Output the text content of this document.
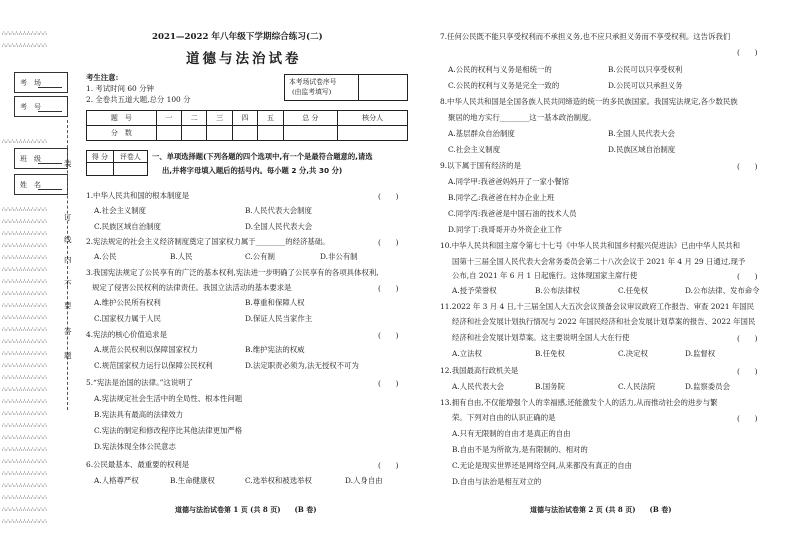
∴∴∴∴∴∴∴∴∴∴∴
∴∴∴∴∴∴∴∴∴∴∴
∴∴∴∴∴∴∴∴∴∴∴
∴∴∴∴∴∴∴∴∴∴∴
∴∴∴∴∴∴∴∴∴∴∴
∴∴∴∴∴∴∴∴∴∴∴
∴∴∴∴∴∴∴∴∴∴∴
∴∴∴∴∴∴∴∴∴∴∴
∴∴∴∴∴∴∴∴∴∴∴
∴∴∴∴∴∴∴∴∴∴∴
∴∴∴∴∴∴∴∴∴∴∴
∴∴∴∴∴∴∴∴∴∴∴
∴∴∴∴∴∴∴∴∴∴∴
∴∴∴∴∴∴∴∴∴∴∴
∴∴∴∴∴∴∴∴∴∴∴
∴∴∴∴∴∴∴∴∴∴∴
∴∴∴∴∴∴∴∴∴∴∴
∴∴∴∴∴∴∴∴∴∴∴
∴∴∴∴∴∴∴∴∴∴∴
∴∴∴∴∴∴∴∴∴∴∴
∴∴∴∴∴∴∴∴∴∴∴
∴∴∴∴∴∴∴∴∴∴∴
∴∴∴∴∴∴∴∴∴∴∴
∴∴∴∴∴∴∴∴∴∴∴
∴∴∴∴∴∴∴∴∴∴∴
∴∴∴∴∴∴∴∴∴∴∴
∴∴∴∴∴∴∴∴∴∴∴
∴∴∴∴∴∴∴∴∴∴∴
∴∴∴∴∴∴∴∴∴∴∴
∴∴∴∴∴∴∴∴∴∴∴
考　场
考　号
班　级
姓　名
装
订
线
内
不
要
答
题
2021—2022 年八年级下学期综合练习(二)
道德与法治试卷
考生注意:
1. 考试时间 60 分钟
2. 全卷共五道大题,总分 100 分
本考场试卷序号
(由监考填写)
题　号	一	二	三	四	五	总 分	核分人
分　数							
得 分	评卷人
	一、单项选择题(下列各题的四个选项中,有一个是最符合题意的,请选
出,并将字母填入题后的括号内。每小题 2 分,共 30 分)
1.中华人民共和国的根本制度是	(　　)
A.社会主义制度	B.人民代表大会制度
C.民族区域自治制度	D.全国人民代表大会
2.宪法规定的社会主义经济制度奠定了国家权力属于________的经济基础。	(　　)
A.公民	B.人民	C.公有制	D.非公有制
3.我国宪法规定了公民享有的广泛的基本权利,宪法进一步明确了公民享有的各项具体权利,
规定了侵害公民权利的法律责任。我国立法活动的基本要求是	(　　)
A.维护公民所有权利	B.尊重和保障人权
C.国家权力属于人民	D.保证人民当家作主
4.宪法的核心价值追求是	(　　)
A.规范公民权利以保障国家权力	B.维护宪法的权威
C.规范国家权力运行以保障公民权利	D.法定职责必须为,法无授权不可为
5.“宪法是治国的法律。”这说明了	(　　)
A.宪法规定社会生活中的全局性、根本性问题
B.宪法具有最高的法律效力
C.宪法的制定和修改程序比其他法律更加严格
D.宪法体现全体公民意志
6.公民最基本、最重要的权利是	(　　)
A.人格尊严权	B.生命健康权	C.选举权和被选举权	D.人身自由
道德与法治试卷第 1 页 (共 8 页)　　(B 卷)
7.任何公民既不能只享受权利而不承担义务,也不应只承担义务而不享受权利。这告诉我们
(　　)
A.公民的权利与义务是相统一的	B.公民可以只享受权利
C.公民的权利与义务是完全一致的	D.公民可以只承担义务
8.中华人民共和国是全国各族人民共同缔造的统一的多民族国家。我国宪法规定,各少数民族
聚居的地方实行________这一基本政治制度。
A.基层群众自治制度	B.全国人民代表大会
C.社会主义制度	D.民族区域自治制度
9.以下属于国有经济的是	(　　)
A.同学甲:我爸爸妈妈开了一家小餐馆
B.同学乙:我爸爸在村办企业上班
C.同学丙:我爸爸是中国石油的技术人员
D.同学丁:我哥哥开办外资企业工作
10.中华人民共和国主席令第七十七号《中华人民共和国乡村振兴促进法》已由中华人民共和
国第十三届全国人民代表大会常务委员会第二十八次会议于 2021 年 4 月 29 日通过,现予
公布,自 2021 年 6 月 1 日起施行。这体现国家主席行使	(　　)
A.授予荣誉权	B.公布法律权	C.任免权	D.公布法律、发布命令
11.2022 年 3 月 4 日,十三届全国人大五次会议预备会议审议政府工作报告、审查 2021 年国民
经济和社会发展计划执行情况与 2022 年国民经济和社会发展计划草案的报告、2022 年国民
经济和社会发展计划草案。这主要说明全国人大在行使	(　　)
A.立法权	B.任免权	C.决定权	D.监督权
12.我国最高行政机关是	(　　)
A.人民代表大会	B.国务院	C.人民法院	D.监察委员会
13.拥有自由,不仅能增强个人的幸福感,还能激发个人的活力,从而推动社会的进步与繁
荣。下列对自由的认识正确的是	(　　)
A.只有无限制的自由才是真正的自由
B.自由不是为所欲为,是有限制的、相对的
C.无论是现实世界还是网络空间,从来都没有真正的自由
D.自由与法治是相互对立的
道德与法治试卷第 2 页 (共 8 页)　　(B 卷)
